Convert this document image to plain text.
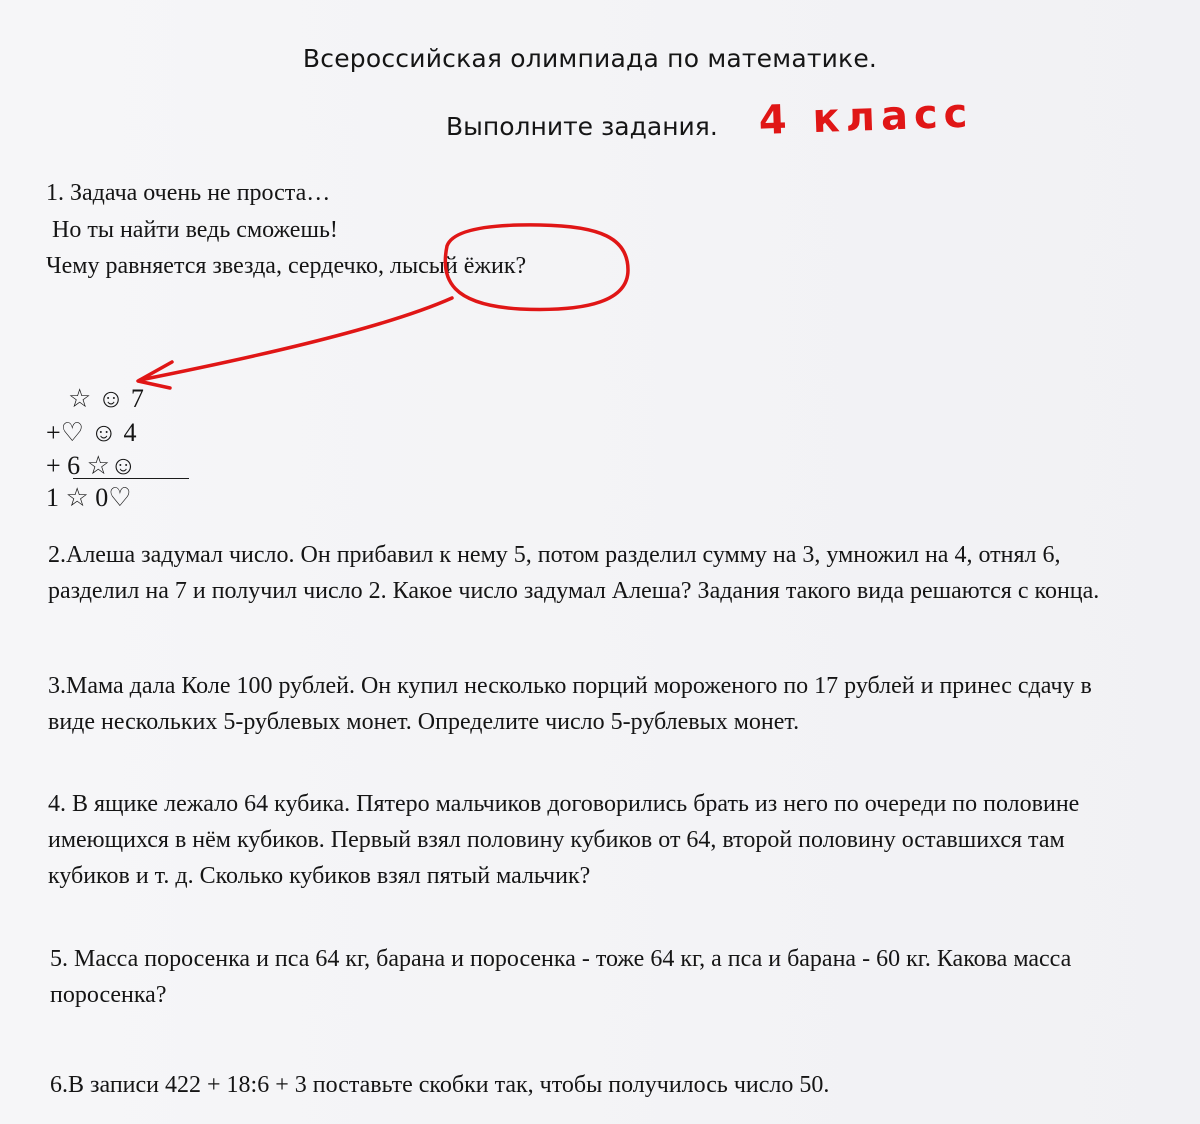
Всероссийская олимпиада по математике.
Выполните задания. 4 класс
1. Задача очень не проста…
Но ты найти ведь сможешь!
Чему равняется звезда, сердечко, лысый ёжик?
☆ ☺ 7
+♡ ☺ 4
+ 6 ☆☺
1 ☆ 0♡
2.Алеша задумал число. Он прибавил к нему 5, потом разделил сумму на 3, умножил на 4, отнял 6, разделил на 7 и получил число 2. Какое число задумал Алеша? Задания такого вида решаются с конца.
3.Мама дала Коле 100 рублей. Он купил несколько порций мороженого по 17 рублей и принес сдачу в виде нескольких 5-рублевых монет. Определите число 5-рублевых монет.
4. В ящике лежало 64 кубика. Пятеро мальчиков договорились брать из него по очереди по половине имеющихся в нём кубиков. Первый взял половину кубиков от 64, второй половину оставшихся там кубиков и т. д. Сколько кубиков взял пятый мальчик?
5. Масса поросенка и пса 64 кг, барана и поросенка - тоже 64 кг, а пса и барана - 60 кг. Какова масса поросенка?
6.В записи 422 + 18:6 + 3 поставьте скобки так, чтобы получилось число 50.
